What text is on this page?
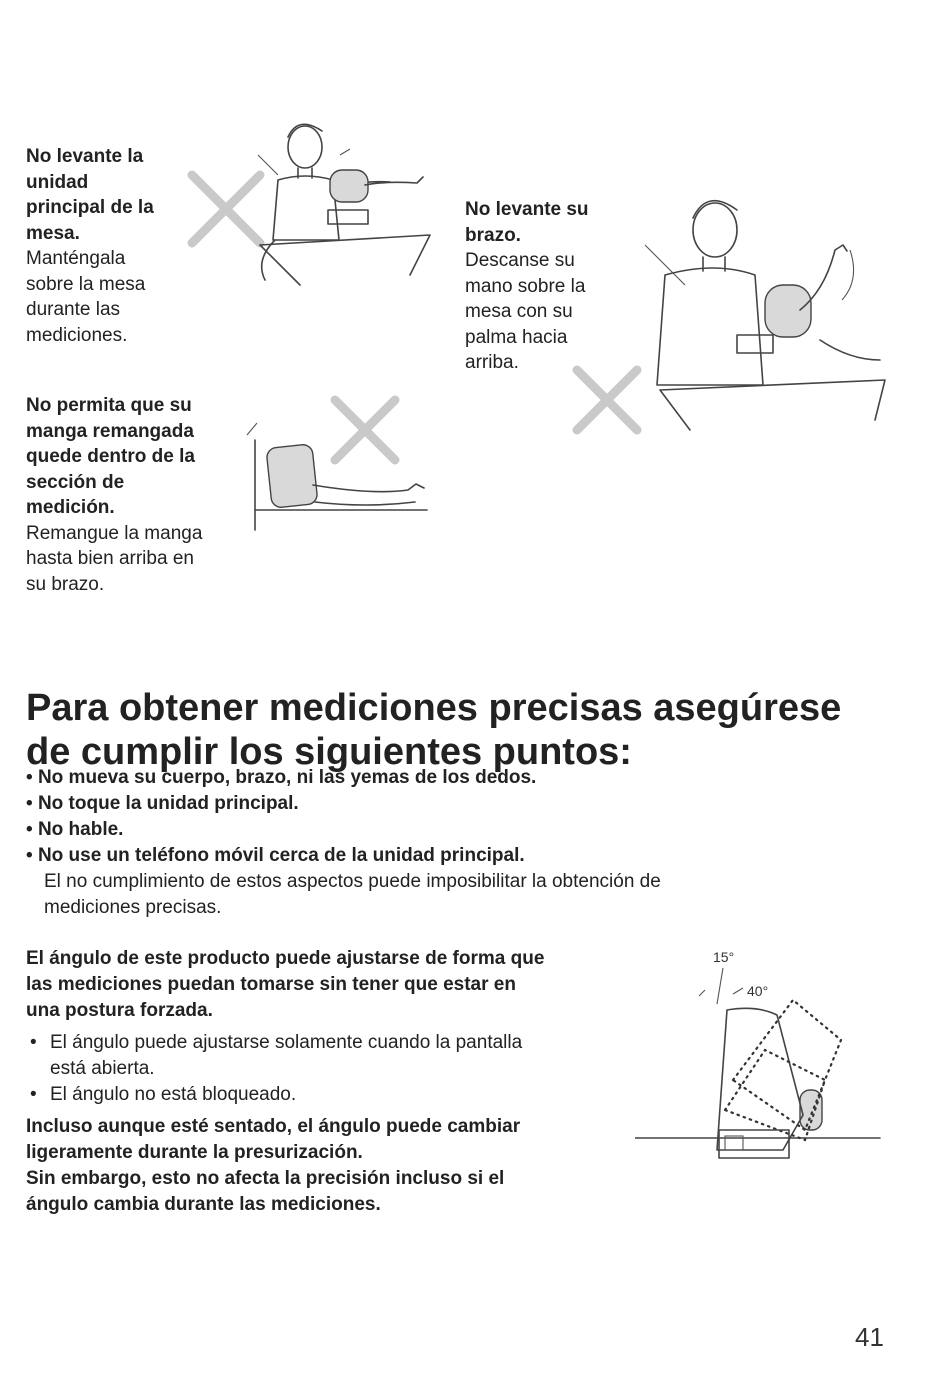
No levante la
unidad
principal de la
mesa.
Manténgala
sobre la mesa
durante las
mediciones.
No levante su
brazo.
Descanse su
mano sobre la
mesa con su
palma hacia
arriba.
No permita que su
manga remangada
quede dentro de la
sección de
medición.
Remangue la manga
hasta bien arriba en
su brazo.
Para obtener mediciones precisas asegúrese
de cumplir los siguientes puntos:
• No mueva su cuerpo, brazo, ni las yemas de los dedos.
• No toque la unidad principal.
• No hable.
• No use un teléfono móvil cerca de la unidad principal.
El no cumplimiento de estos aspectos puede imposibilitar la obtención de
mediciones precisas.
El ángulo de este producto puede ajustarse de forma que
las mediciones puedan tomarse sin tener que estar en
una postura forzada.
• El ángulo puede ajustarse solamente cuando la pantalla
está abierta.
• El ángulo no está bloqueado.
Incluso aunque esté sentado, el ángulo puede cambiar
ligeramente durante la presurización.
Sin embargo, esto no afecta la precisión incluso si el
ángulo cambia durante las mediciones.
15°
40°
41
